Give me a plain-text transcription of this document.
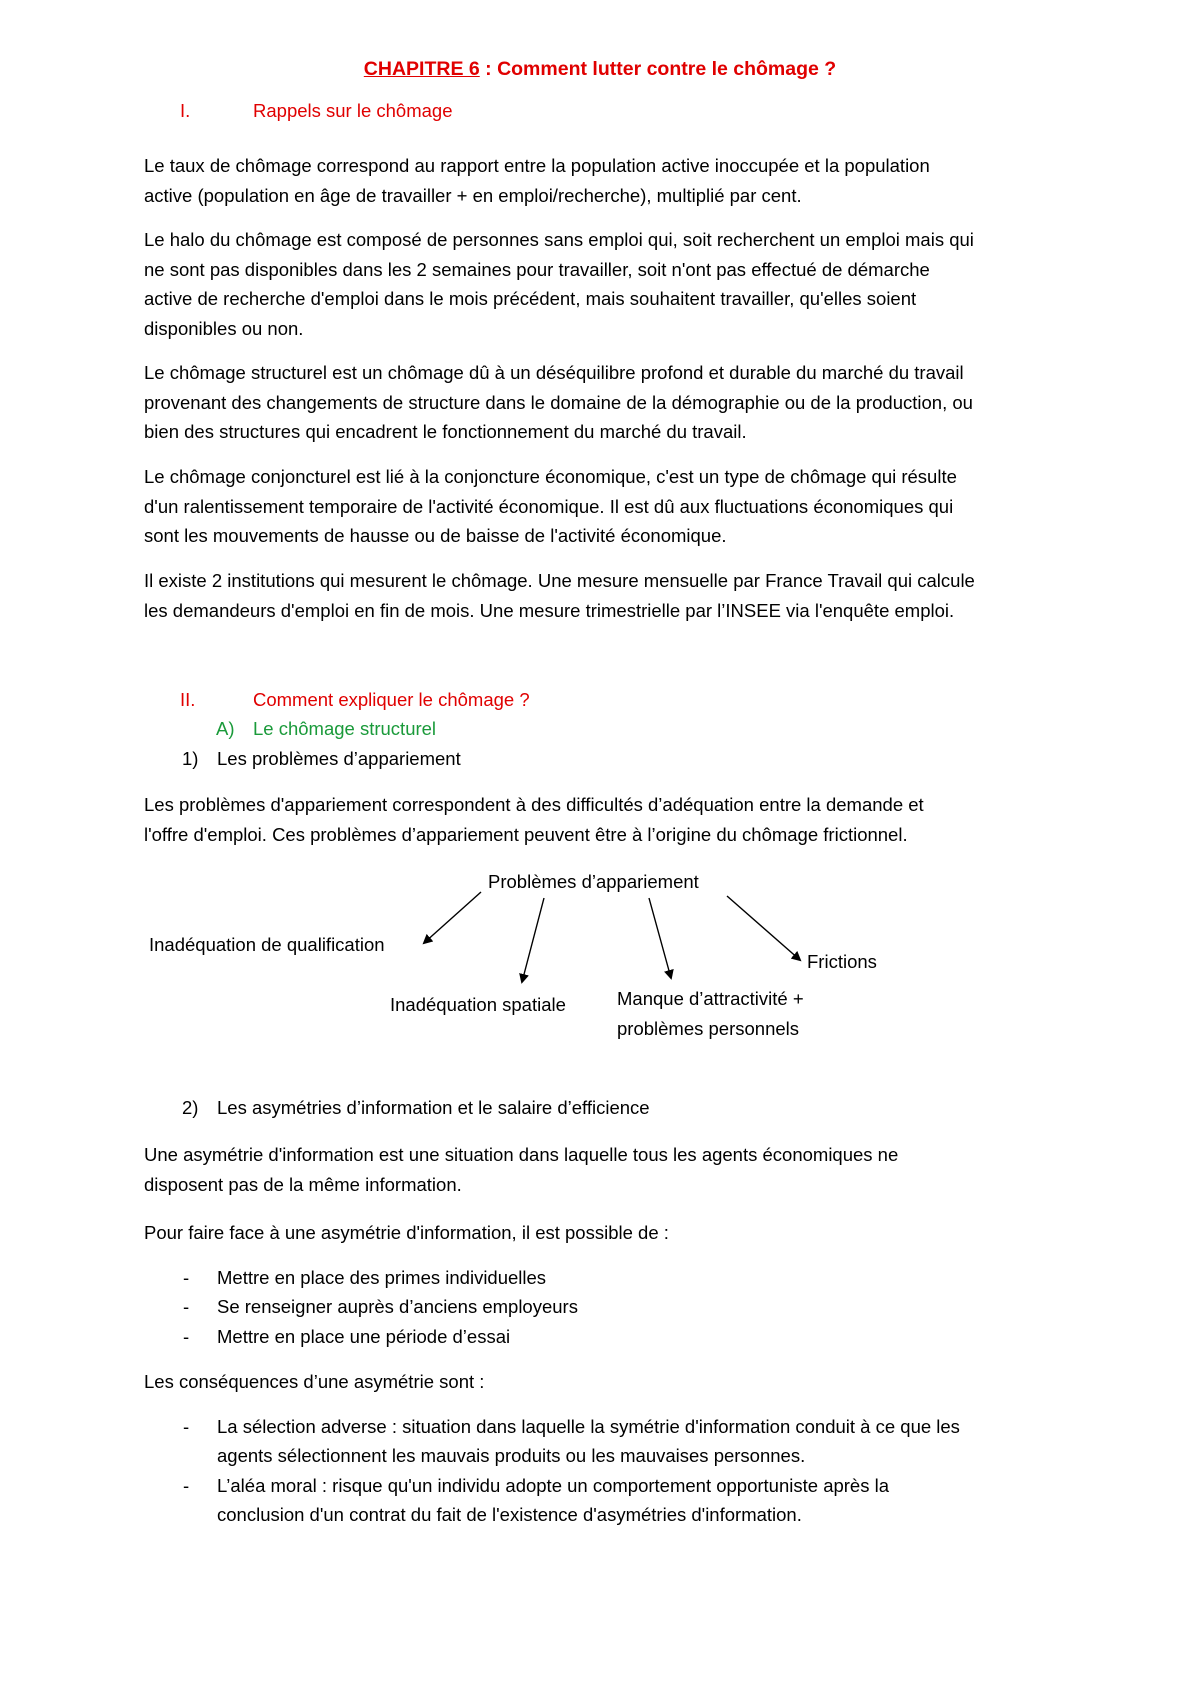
CHAPITRE 6 : Comment lutter contre le chômage ?
I.	Rappels sur le chômage
Le taux de chômage correspond au rapport entre la population active inoccupée et la population
active (population en âge de travailler + en emploi/recherche), multiplié par cent.
Le halo du chômage est composé de personnes sans emploi qui, soit recherchent un emploi mais qui
ne sont pas disponibles dans les 2 semaines pour travailler, soit n'ont pas effectué de démarche
active de recherche d'emploi dans le mois précédent, mais souhaitent travailler, qu'elles soient
disponibles ou non.
Le chômage structurel est un chômage dû à un déséquilibre profond et durable du marché du travail
provenant des changements de structure dans le domaine de la démographie ou de la production, ou
bien des structures qui encadrent le fonctionnement du marché du travail.
Le chômage conjoncturel est lié à la conjoncture économique, c'est un type de chômage qui résulte
d'un ralentissement temporaire de l'activité économique. Il est dû aux fluctuations économiques qui
sont les mouvements de hausse ou de baisse de l'activité économique.
Il existe 2 institutions qui mesurent le chômage. Une mesure mensuelle par France Travail qui calcule
les demandeurs d'emploi en fin de mois. Une mesure trimestrielle par l’INSEE via l'enquête emploi.
II.	Comment expliquer le chômage ?
A) Le chômage structurel
1) Les problèmes d’appariement
Les problèmes d'appariement correspondent à des difficultés d’adéquation entre la demande et
l'offre d'emploi. Ces problèmes d’appariement peuvent être à l’origine du chômage frictionnel.
Problèmes d’appariement
Inadéquation de qualification
Inadéquation spatiale	Manque d’attractivité +
problèmes personnels
Frictions
2) Les asymétries d’information et le salaire d’efficience
Une asymétrie d'information est une situation dans laquelle tous les agents économiques ne
disposent pas de la même information.
Pour faire face à une asymétrie d'information, il est possible de :
- Mettre en place des primes individuelles
- Se renseigner auprès d’anciens employeurs
- Mettre en place une période d’essai
Les conséquences d’une asymétrie sont :
- La sélection adverse : situation dans laquelle la symétrie d'information conduit à ce que les
agents sélectionnent les mauvais produits ou les mauvaises personnes.
- L’aléa moral : risque qu'un individu adopte un comportement opportuniste après la
conclusion d'un contrat du fait de l'existence d'asymétries d'information.
